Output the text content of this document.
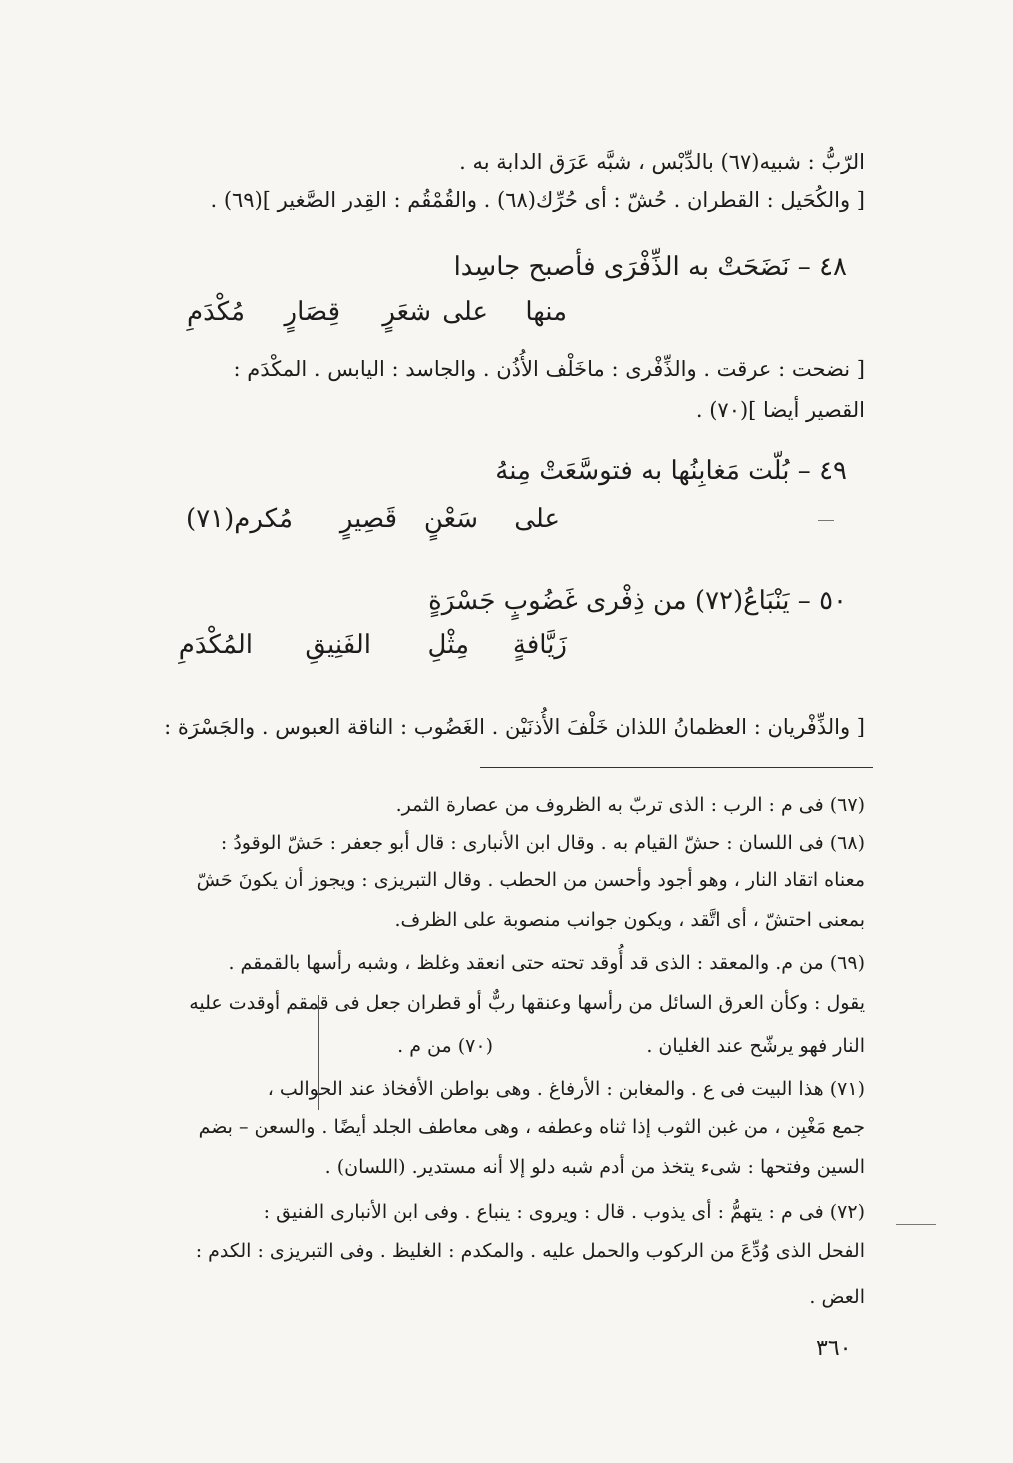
الرّبُّ : شبيه(٦٧) بالدِّبْس ، شبَّه عَرَق الدابة به .
[ والكُحَيل : القطران . حُشّ : أى حُرِّك(٦٨) . والقُمْقُم : القِدر الصَّغير ](٦٩) .
٤٨ – نَضَحَتْ به الذِّفْرَى فأصبح جاسِدا
منها
على
شعَرٍ
قِصَارٍ
مُكْدَمِ
[ نضحت : عرقت . والذِّفْرى : ماخَلْف الأُذُن . والجاسد : اليابس . المكْدَم :
القصير أيضا ](٧٠) .
٤٩ – بُلّت مَغابِنُها به فتوسَّعَتْ مِنهُ
على
سَعْنٍ
قَصِيرٍ
مُكرم(٧١)
٥٠ – يَنْبَاعُ(٧٢) من ذِفْرى غَضُوبٍ جَسْرَةٍ
زَيَّافةٍ
مِثْلِ
الفَنِيقِ
المُكْدَمِ
[ والذِّفْريان : العظمانُ اللذان خَلْفَ الأُذنَيْن . الغَضُوب : الناقة العبوس . والجَسْرَة :
(٦٧) فى م : الرب : الذى تربّ به الظروف من عصارة الثمر.
(٦٨) فى اللسان : حشّ القيام به . وقال ابن الأنبارى : قال أبو جعفر : حَشّ الوقودُ :
معناه اتقاد النار ، وهو أجود وأحسن من الحطب . وقال التبريزى : ويجوز أن يكونَ حَشّ
بمعنى احتشّ ، أى اتَّقد ، ويكون جوانب منصوبة على الظرف.
(٦٩) من م. والمعقد : الذى قد أُوقد تحته حتى انعقد وغلظ ، وشبه رأسها بالقمقم .
يقول : وكأن العرق السائل من رأسها وعنقها ربٌّ أو قطران جعل فى قمقم أوقدت عليه
النار فهو يرشّح عند الغليان .
(٧٠) من م .
(٧١) هذا البيت فى ع . والمغابن : الأرفاغ . وهى بواطن الأفخاذ عند الحوالب ،
جمع مَغْبِن ، من غبن الثوب إذا ثناه وعطفه ، وهى معاطف الجلد أيضًا . والسعن – بضم
السين وفتحها : شىء يتخذ من أدم شبه دلو إلا أنه مستدير. (اللسان) .
(٧٢) فى م : يتهمُّ : أى يذوب . قال : ويروى : ينباع . وفى ابن الأنبارى الفنيق :
الفحل الذى وُدِّعَ من الركوب والحمل عليه . والمكدم : الغليظ . وفى التبريزى : الكدم :
العض .
٣٦٠
